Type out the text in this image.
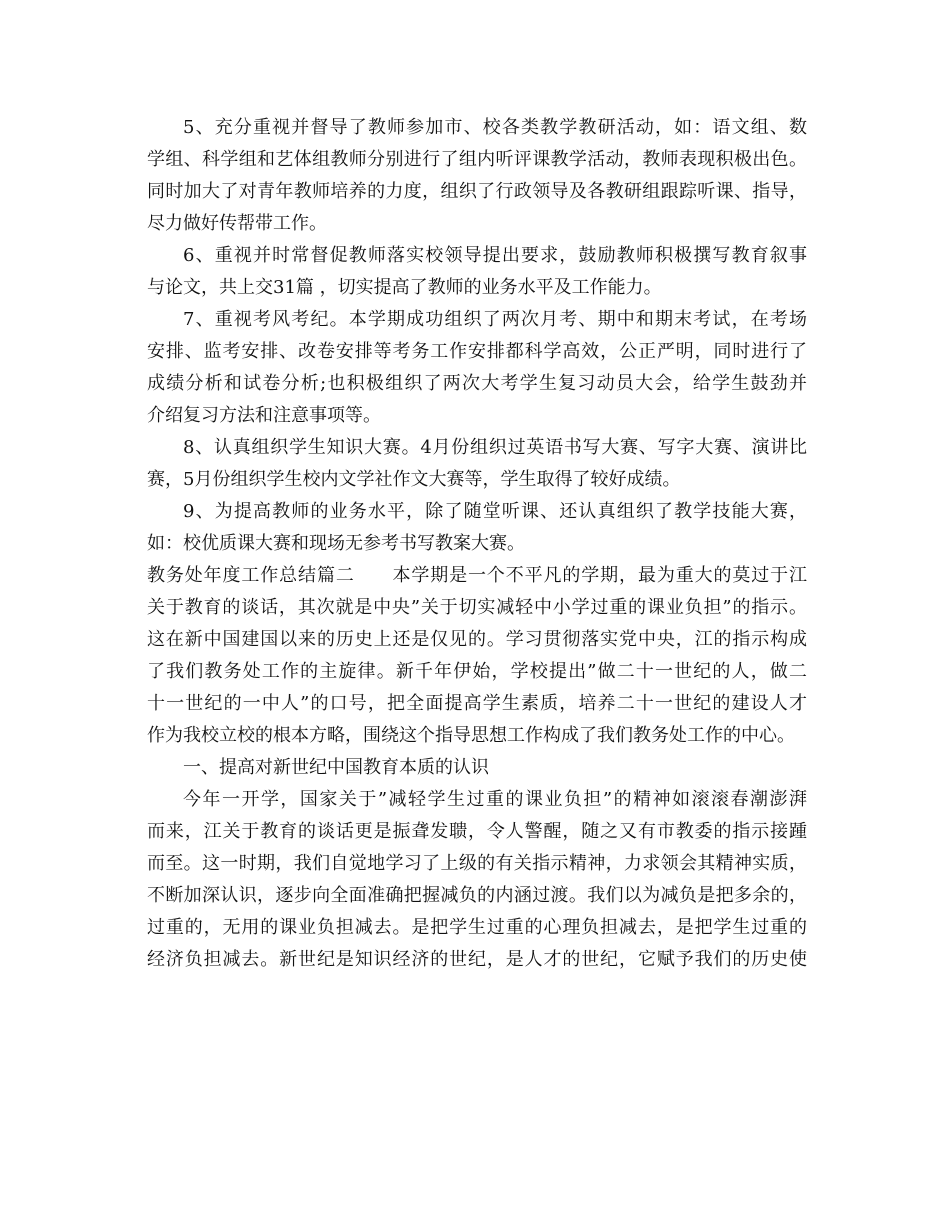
5、充分重视并督导了教师参加市、校各类教学教研活动，如：语文组、数
学组、科学组和艺体组教师分别进行了组内听评课教学活动，教师表现积极出色。
同时加大了对青年教师培养的力度，组织了行政领导及各教研组跟踪听课、指导，
尽力做好传帮带工作。
6、重视并时常督促教师落实校领导提出要求，鼓励教师积极撰写教育叙事
与论文，共上交31篇 ，切实提高了教师的业务水平及工作能力。
7、重视考风考纪。本学期成功组织了两次月考、期中和期末考试，在考场
安排、监考安排、改卷安排等考务工作安排都科学高效，公正严明，同时进行了
成绩分析和试卷分析;也积极组织了两次大考学生复习动员大会，给学生鼓劲并
介绍复习方法和注意事项等。
8、认真组织学生知识大赛。4月份组织过英语书写大赛、写字大赛、演讲比
赛，5月份组织学生校内文学社作文大赛等，学生取得了较好成绩。
9、为提高教师的业务水平，除了随堂听课、还认真组织了教学技能大赛，
如：校优质课大赛和现场无参考书写教案大赛。
教务处年度工作总结篇二　　本学期是一个不平凡的学期，最为重大的莫过于江
关于教育的谈话，其次就是中央”关于切实减轻中小学过重的课业负担”的指示。
这在新中国建国以来的历史上还是仅见的。学习贯彻落实党中央，江的指示构成
了我们教务处工作的主旋律。新千年伊始，学校提出”做二十一世纪的人，做二
十一世纪的一中人”的口号，把全面提高学生素质，培养二十一世纪的建设人才
作为我校立校的根本方略，围绕这个指导思想工作构成了我们教务处工作的中心。
一、提高对新世纪中国教育本质的认识
今年一开学，国家关于”减轻学生过重的课业负担”的精神如滚滚春潮澎湃
而来，江关于教育的谈话更是振聋发聩，令人警醒，随之又有市教委的指示接踵
而至。这一时期，我们自觉地学习了上级的有关指示精神，力求领会其精神实质，
不断加深认识，逐步向全面准确把握减负的内涵过渡。我们以为减负是把多余的，
过重的，无用的课业负担减去。是把学生过重的心理负担减去，是把学生过重的
经济负担减去。新世纪是知识经济的世纪，是人才的世纪，它赋予我们的历史使
